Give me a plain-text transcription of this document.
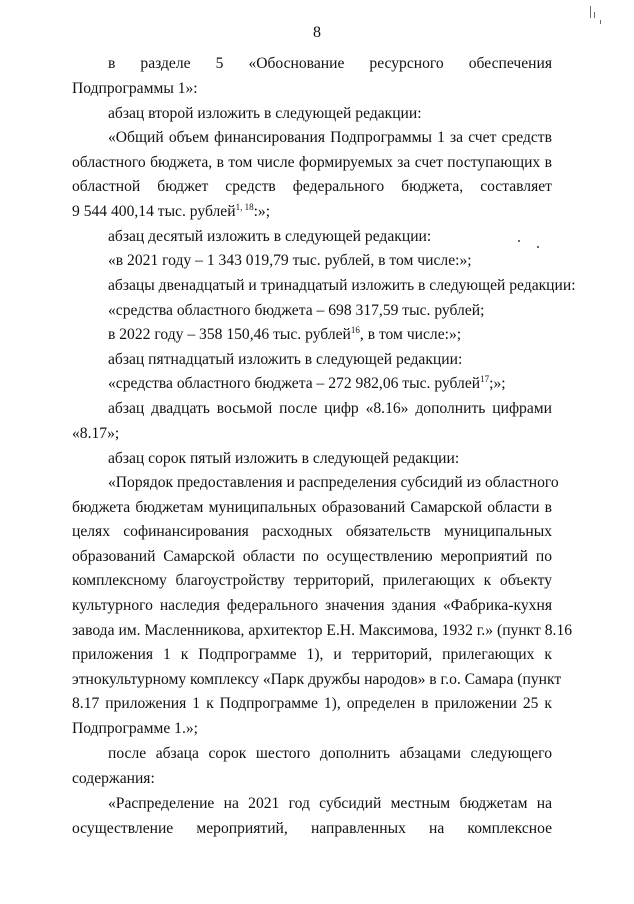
8
в разделе 5 «Обоснование ресурсного обеспечения
Подпрограммы 1»:
абзац второй изложить в следующей редакции:
«Общий объем финансирования Подпрограммы 1 за счет средств
областного бюджета, в том числе формируемых за счет поступающих в
областной бюджет средств федерального бюджета, составляет
9 544 400,14 тыс. рублей$^{1, 18}$:»;
абзац десятый изложить в следующей редакции:
«в 2021 году – 1 343 019,79 тыс. рублей, в том числе:»;
абзацы двенадцатый и тринадцатый изложить в следующей редакции:
«средства областного бюджета – 698 317,59 тыс. рублей;
в 2022 году – 358 150,46 тыс. рублей$^{16}$, в том числе:»;
абзац пятнадцатый изложить в следующей редакции:
«средства областного бюджета – 272 982,06 тыс. рублей$^{17}$;»;
абзац двадцать восьмой после цифр «8.16» дополнить цифрами
«8.17»;
абзац сорок пятый изложить в следующей редакции:
«Порядок предоставления и распределения субсидий из областного
бюджета бюджетам муниципальных образований Самарской области в
целях софинансирования расходных обязательств муниципальных
образований Самарской области по осуществлению мероприятий по
комплексному благоустройству территорий, прилегающих к объекту
культурного наследия федерального значения здания «Фабрика-кухня
завода им. Масленникова, архитектор Е.Н. Максимова, 1932 г.» (пункт 8.16
приложения 1 к Подпрограмме 1), и территорий, прилегающих к
этнокультурному комплексу «Парк дружбы народов» в г.о. Самара (пункт
8.17 приложения 1 к Подпрограмме 1), определен в приложении 25 к
Подпрограмме 1.»;
после абзаца сорок шестого дополнить абзацами следующего
содержания:
«Распределение на 2021 год субсидий местным бюджетам на
осуществление мероприятий, направленных на комплексное
